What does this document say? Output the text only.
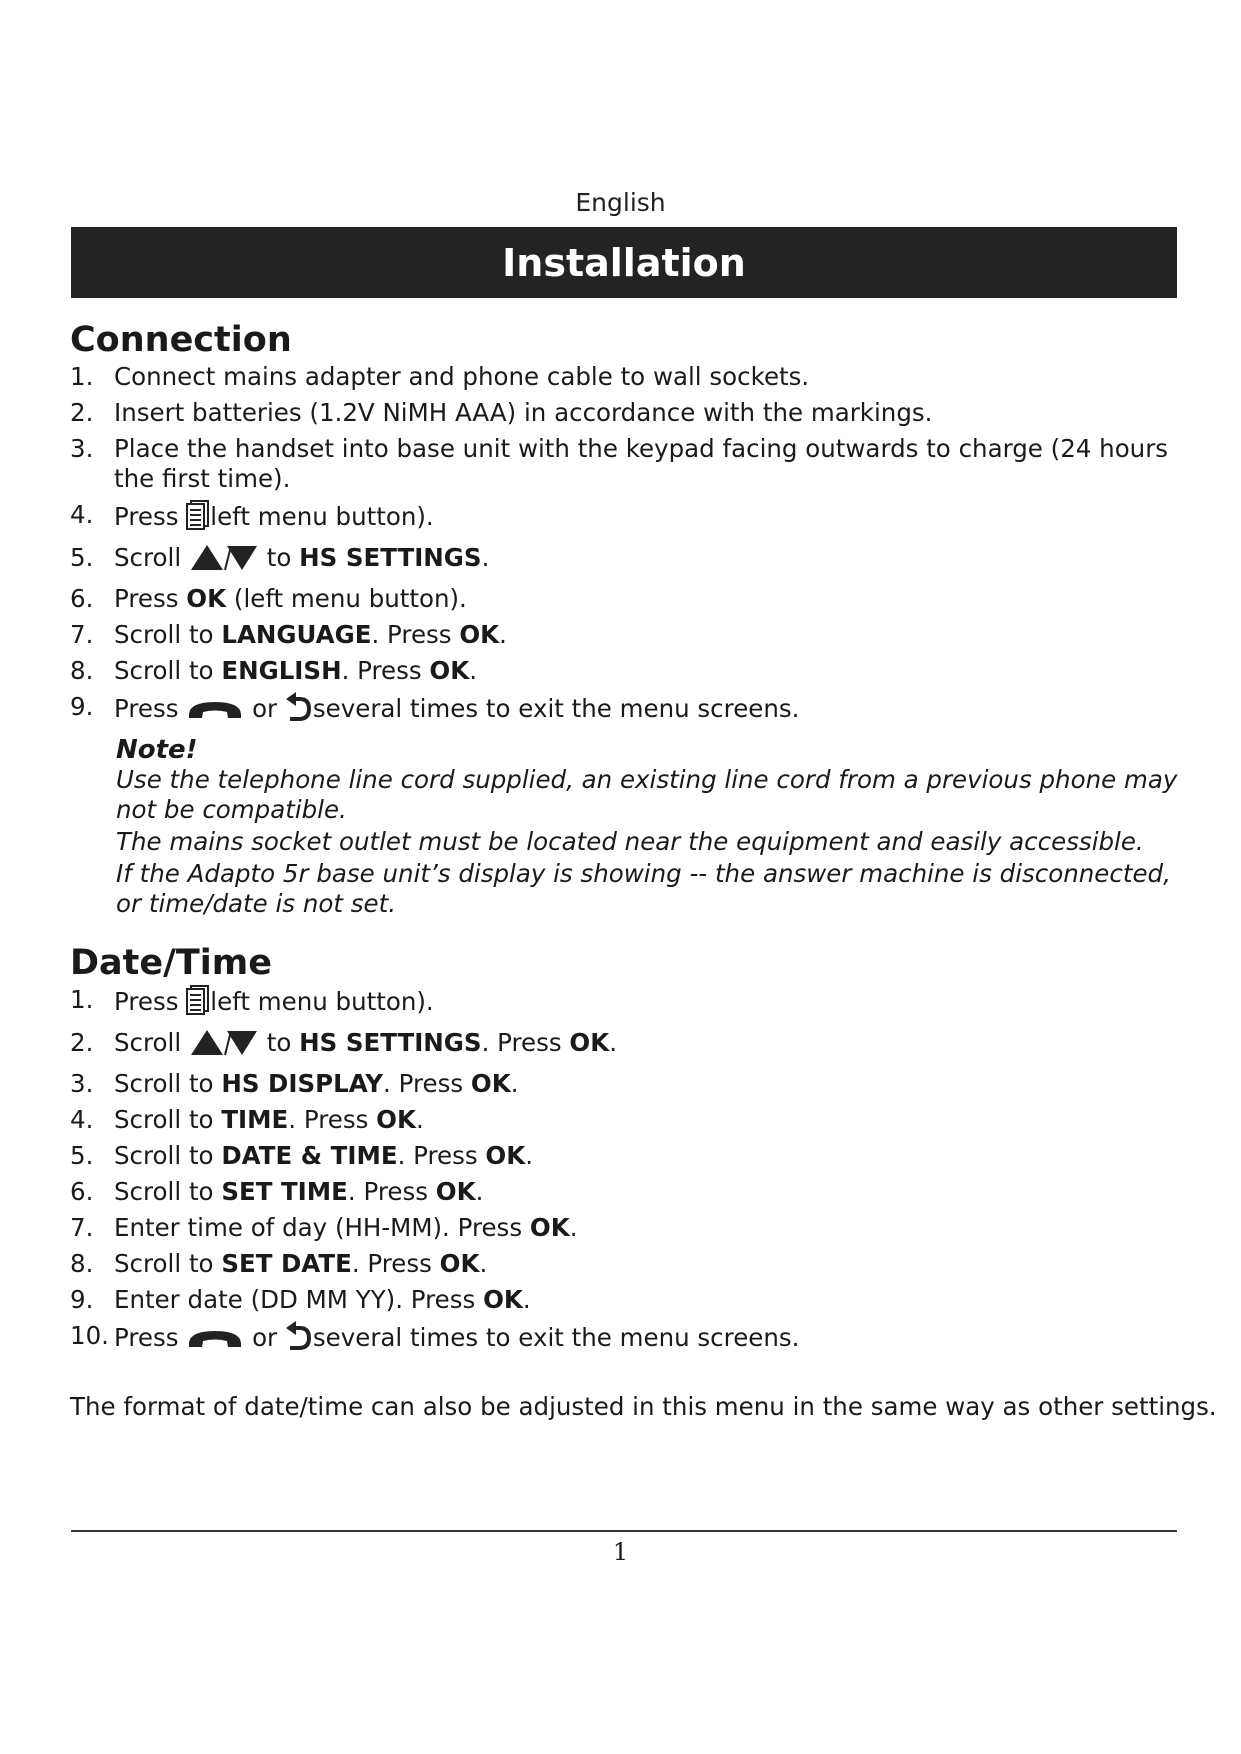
English
Installation
Connection
1. Connect mains adapter and phone cable to wall sockets.
2. Insert batteries (1.2V NiMH AAA) in accordance with the markings.
3. Place the handset into base unit with the keypad facing outwards to charge (24 hours the first time).
4. Press left menu button).
5. Scroll	to HS SETTINGS.
6. Press OK (left menu button).
7. Scroll to LANGUAGE. Press OK.
8. Scroll to ENGLISH. Press OK.
9. Press	or several times to exit the menu screens.
Note!

Use the telephone line cord supplied, an existing line cord from a previous phone may not be compatible.

The mains socket outlet must be located near the equipment and easily accessible.

If the Adapto 5r base unit’s display is showing -- the answer machine is disconnected, or time/date is not set.

Date/Time
1. Press left menu button).
2. Scroll	to HS SETTINGS. Press OK.
3. Scroll to HS DISPLAY. Press OK.
4. Scroll to TIME. Press OK.
5. Scroll to DATE & TIME. Press OK.
6. Scroll to SET TIME. Press OK.
7. Enter time of day (HH-MM). Press OK.
8. Scroll to SET DATE. Press OK.
9. Enter date (DD MM YY). Press OK.
10. Press	or several times to exit the menu screens.
The format of date/time can also be adjusted in this menu in the same way as other settings.
1
